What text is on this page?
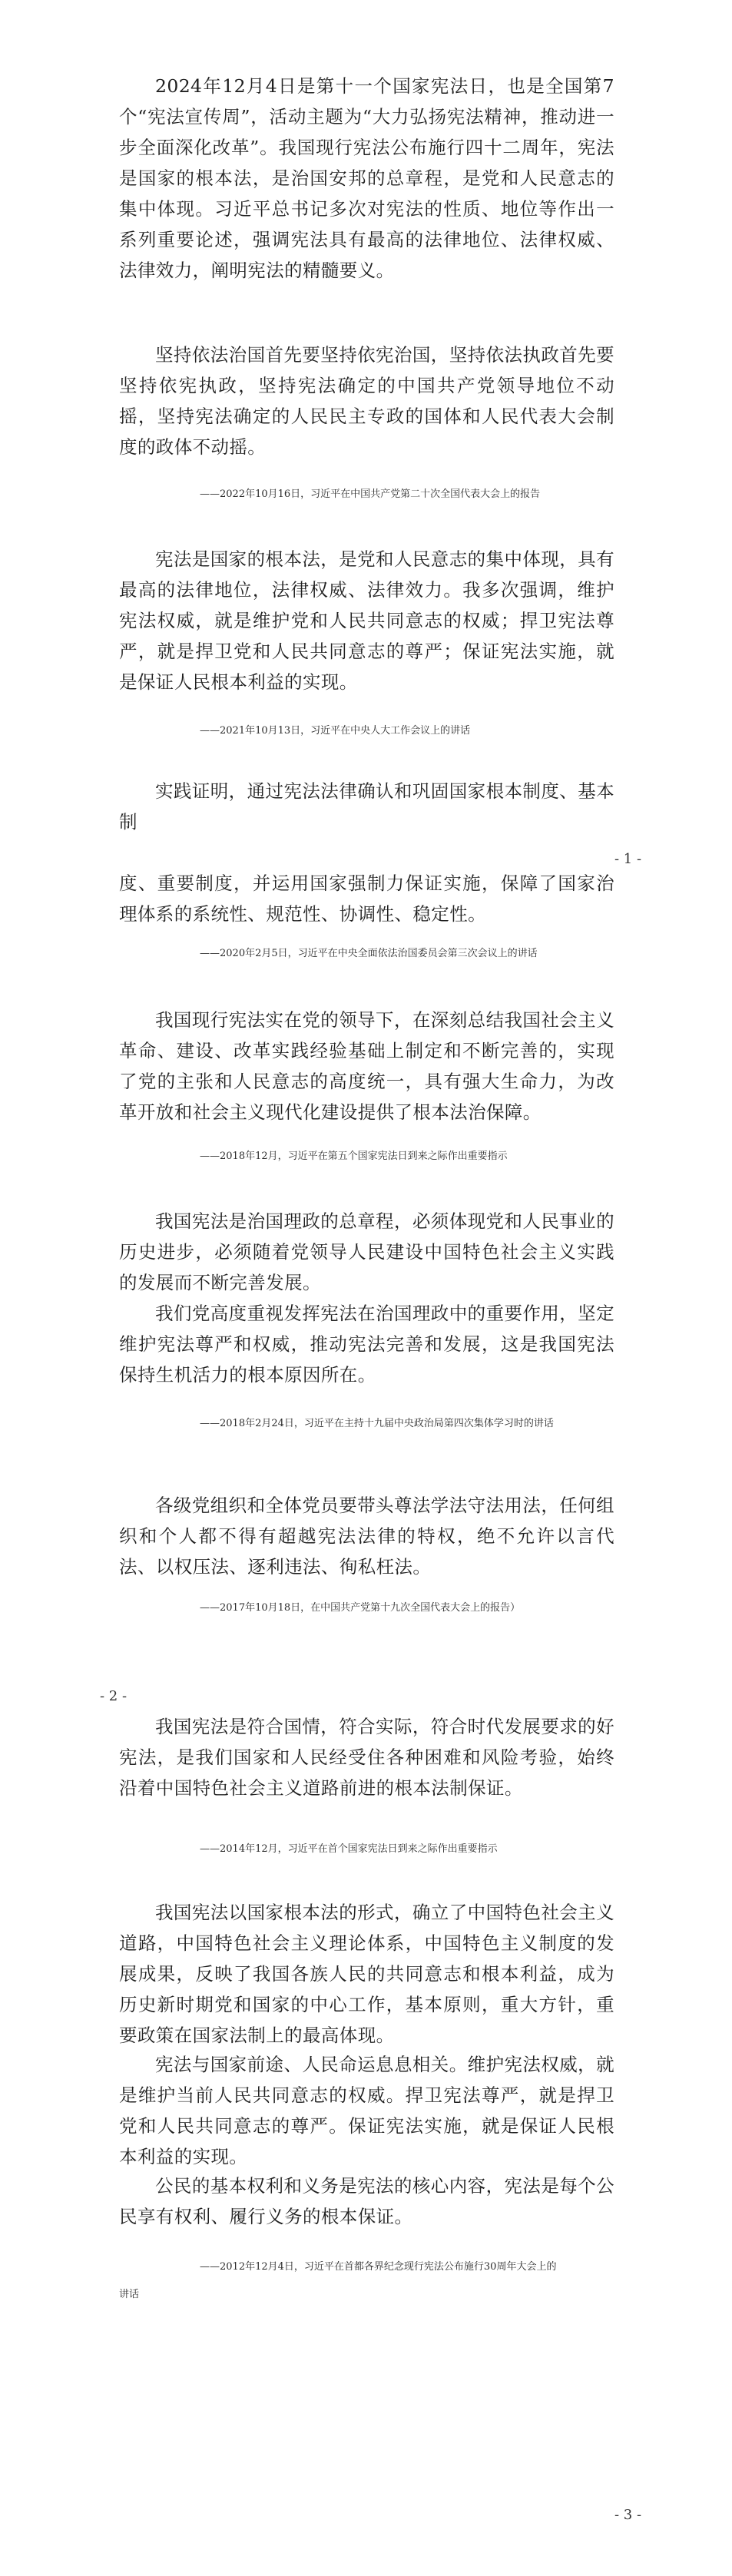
2024年12月4日是第十一个国家宪法日，也是全国第7个“宪法宣传周”，活动主题为“大力弘扬宪法精神，推动进一步全面深化改革”。我国现行宪法公布施行四十二周年，宪法是国家的根本法，是治国安邦的总章程，是党和人民意志的集中体现。习近平总书记多次对宪法的性质、地位等作出一系列重要论述，强调宪法具有最高的法律地位、法律权威、法律效力，阐明宪法的精髓要义。

坚持依法治国首先要坚持依宪治国，坚持依法执政首先要坚持依宪执政，坚持宪法确定的中国共产党领导地位不动摇，坚持宪法确定的人民民主专政的国体和人民代表大会制度的政体不动摇。

——2022年10月16日，习近平在中国共产党第二十次全国代表大会上的报告

宪法是国家的根本法，是党和人民意志的集中体现，具有最高的法律地位，法律权威、法律效力。我多次强调，维护宪法权威，就是维护党和人民共同意志的权威；捍卫宪法尊严，就是捍卫党和人民共同意志的尊严；保证宪法实施，就是保证人民根本利益的实现。

——2021年10月13日，习近平在中央人大工作会议上的讲话

实践证明，通过宪法法律确认和巩固国家根本制度、基本制

- 1 -

度、重要制度，并运用国家强制力保证实施，保障了国家治理体系的系统性、规范性、协调性、稳定性。

——2020年2月5日，习近平在中央全面依法治国委员会第三次会议上的讲话

我国现行宪法实在党的领导下，在深刻总结我国社会主义革命、建设、改革实践经验基础上制定和不断完善的，实现了党的主张和人民意志的高度统一，具有强大生命力，为改革开放和社会主义现代化建设提供了根本法治保障。

——2018年12月，习近平在第五个国家宪法日到来之际作出重要指示

我国宪法是治国理政的总章程，必须体现党和人民事业的历史进步，必须随着党领导人民建设中国特色社会主义实践的发展而不断完善发展。

我们党高度重视发挥宪法在治国理政中的重要作用，坚定维护宪法尊严和权威，推动宪法完善和发展，这是我国宪法保持生机活力的根本原因所在。

——2018年2月24日，习近平在主持十九届中央政治局第四次集体学习时的讲话

各级党组织和全体党员要带头尊法学法守法用法，任何组织和个人都不得有超越宪法法律的特权，绝不允许以言代法、以权压法、逐利违法、徇私枉法。

——2017年10月18日，在中国共产党第十九次全国代表大会上的报告）

- 2 -

我国宪法是符合国情，符合实际，符合时代发展要求的好宪法，是我们国家和人民经受住各种困难和风险考验，始终沿着中国特色社会主义道路前进的根本法制保证。

——2014年12月，习近平在首个国家宪法日到来之际作出重要指示

我国宪法以国家根本法的形式，确立了中国特色社会主义道路，中国特色社会主义理论体系，中国特色主义制度的发展成果，反映了我国各族人民的共同意志和根本利益，成为历史新时期党和国家的中心工作，基本原则，重大方针，重要政策在国家法制上的最高体现。

宪法与国家前途、人民命运息息相关。维护宪法权威，就是维护当前人民共同意志的权威。捍卫宪法尊严，就是捍卫党和人民共同意志的尊严。保证宪法实施，就是保证人民根本利益的实现。

公民的基本权利和义务是宪法的核心内容，宪法是每个公民享有权利、履行义务的根本保证。

——2012年12月4日，习近平在首都各界纪念现行宪法公布施行30周年大会上的

讲话

- 3 -
